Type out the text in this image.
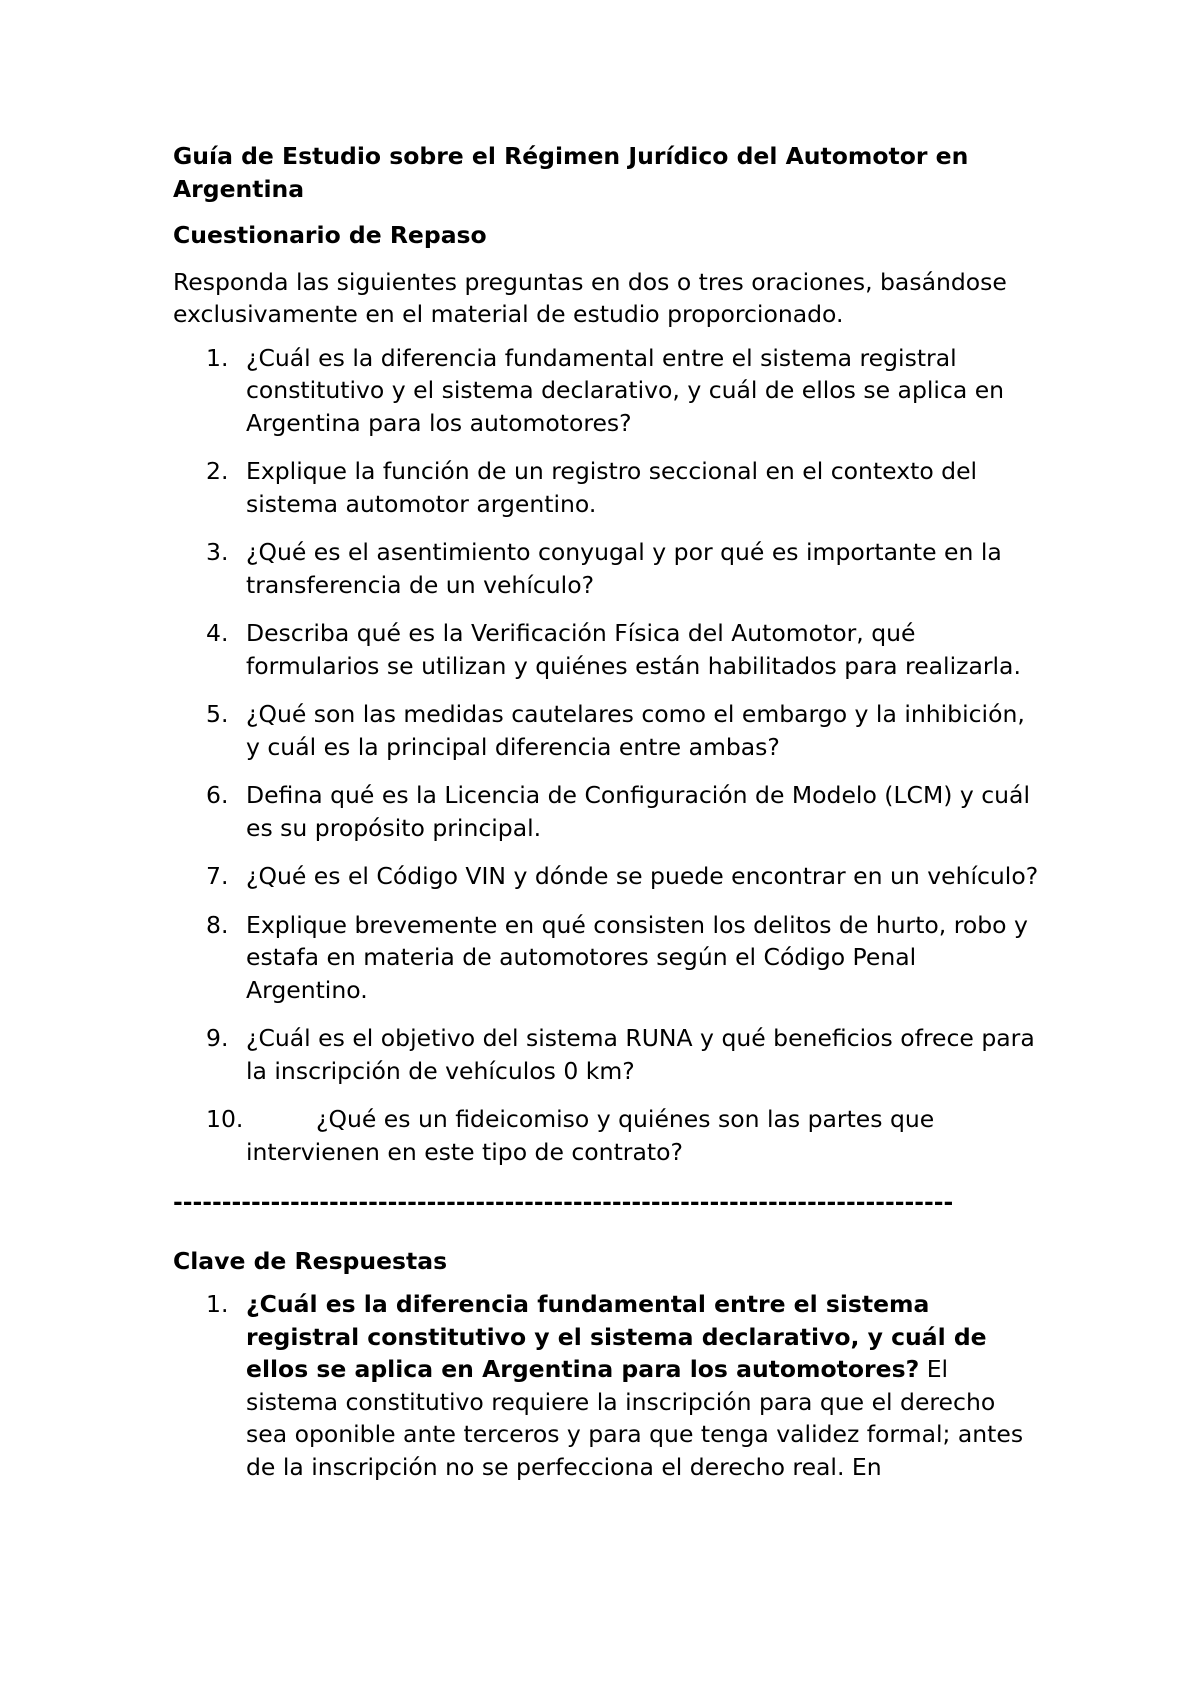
Guía de Estudio sobre el Régimen Jurídico del Automotor en Argentina
Cuestionario de Repaso

Responda las siguientes preguntas en dos o tres oraciones, basándose exclusivamente en el material de estudio proporcionado.

1. ¿Cuál es la diferencia fundamental entre el sistema registral constitutivo y el sistema declarativo, y cuál de ellos se aplica en Argentina para los automotores?
2. Explique la función de un registro seccional en el contexto del sistema automotor argentino.
3. ¿Qué es el asentimiento conyugal y por qué es importante en la transferencia de un vehículo?
4. Describa qué es la Verificación Física del Automotor, qué formularios se utilizan y quiénes están habilitados para realizarla.
5. ¿Qué son las medidas cautelares como el embargo y la inhibición, y cuál es la principal diferencia entre ambas?
6. Defina qué es la Licencia de Configuración de Modelo (LCM) y cuál es su propósito principal.
7. ¿Qué es el Código VIN y dónde se puede encontrar en un vehículo?
8. Explique brevemente en qué consisten los delitos de hurto, robo y estafa en materia de automotores según el Código Penal Argentino.
9. ¿Cuál es el objetivo del sistema RUNA y qué beneficios ofrece para la inscripción de vehículos 0 km?
10.	¿Qué es un fideicomiso y quiénes son las partes que intervienen en este tipo de contrato?
--------------------------------------------------------------------------------
Clave de Respuestas
1. ¿Cuál es la diferencia fundamental entre el sistema registral constitutivo y el sistema declarativo, y cuál de ellos se aplica en Argentina para los automotores? El sistema constitutivo requiere la inscripción para que el derecho sea oponible ante terceros y para que tenga validez formal; antes de la inscripción no se perfecciona el derecho real. En
